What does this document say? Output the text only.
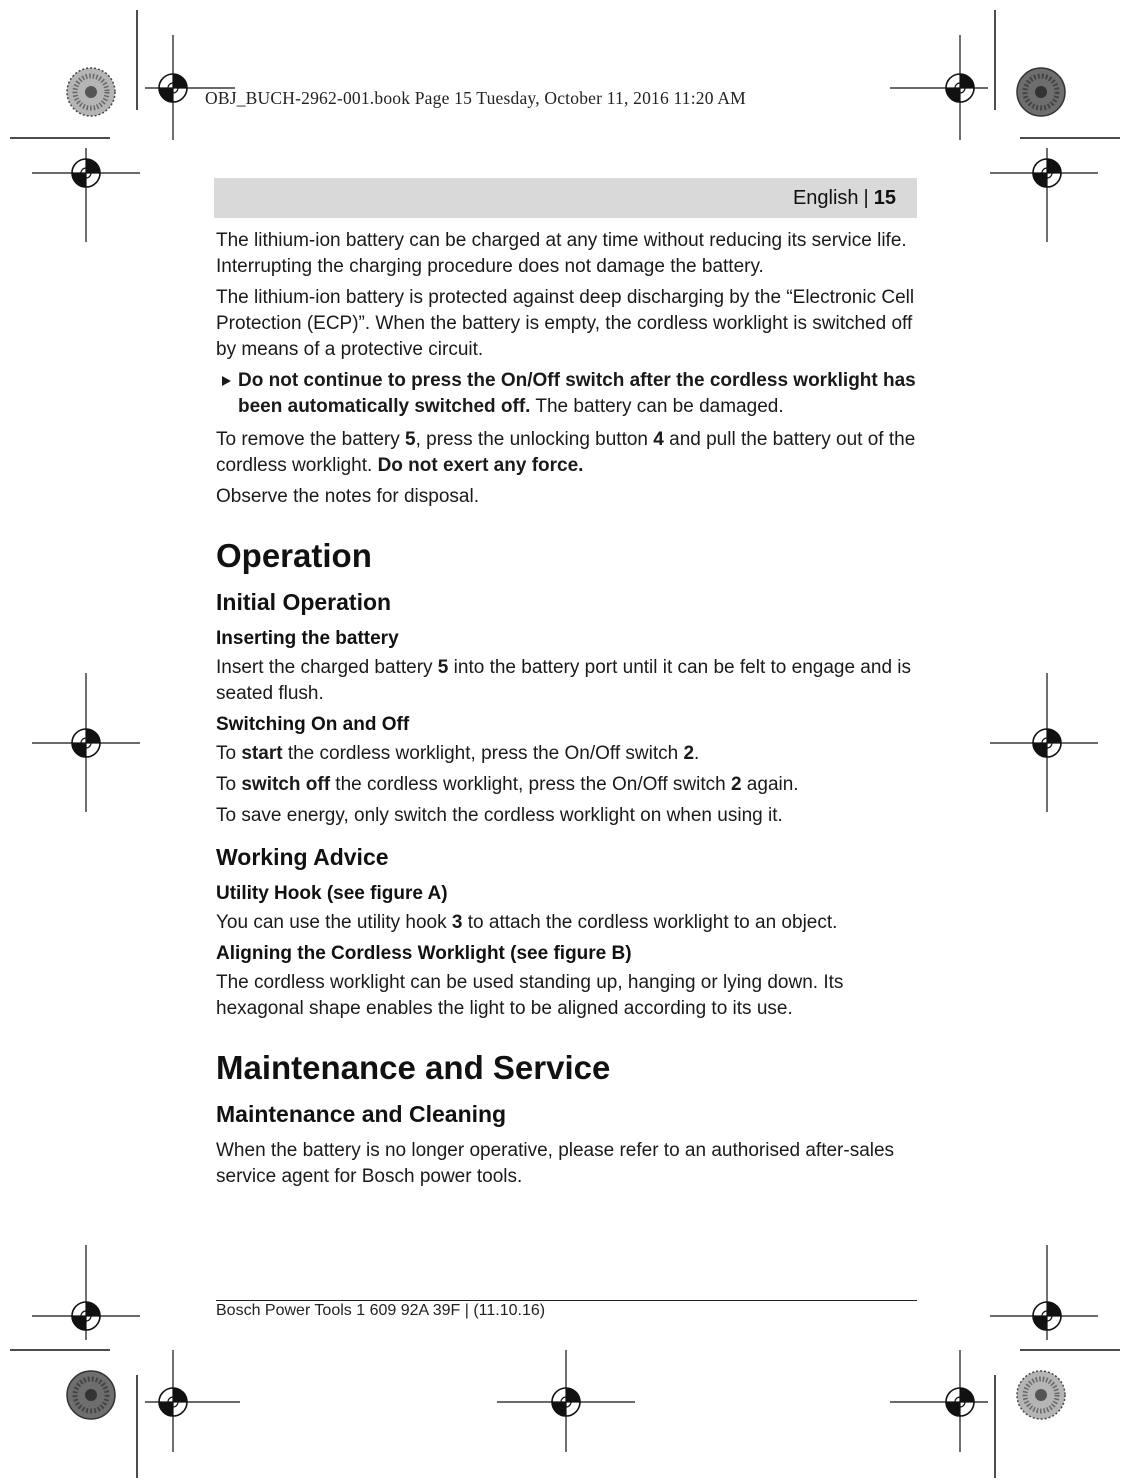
OBJ_BUCH-2962-001.book Page 15 Tuesday, October 11, 2016 11:20 AM
English | 15

The lithium-ion battery can be charged at any time without reducing its service life. Interrupting the charging procedure does not damage the battery.

The lithium-ion battery is protected against deep discharging by the “Electronic Cell Protection (ECP)”. When the battery is empty, the cordless worklight is switched off by means of a protective circuit.

Do not continue to press the On/Off switch after the cordless worklight has been automatically switched off. The battery can be damaged.

To remove the battery 5, press the unlocking button 4 and pull the battery out of the cordless worklight. Do not exert any force.

Observe the notes for disposal.

Operation
Initial Operation
Inserting the battery

Insert the charged battery 5 into the battery port until it can be felt to engage and is seated flush.

Switching On and Off

To start the cordless worklight, press the On/Off switch 2.

To switch off the cordless worklight, press the On/Off switch 2 again.

To save energy, only switch the cordless worklight on when using it.

Working Advice
Utility Hook (see figure A)

You can use the utility hook 3 to attach the cordless worklight to an object.

Aligning the Cordless Worklight (see figure B)

The cordless worklight can be used standing up, hanging or lying down. Its hexagonal shape enables the light to be aligned according to its use.

Maintenance and Service
Maintenance and Cleaning

When the battery is no longer operative, please refer to an authorised after-sales service agent for Bosch power tools.

Bosch Power Tools 1 609 92A 39F | (11.10.16)
